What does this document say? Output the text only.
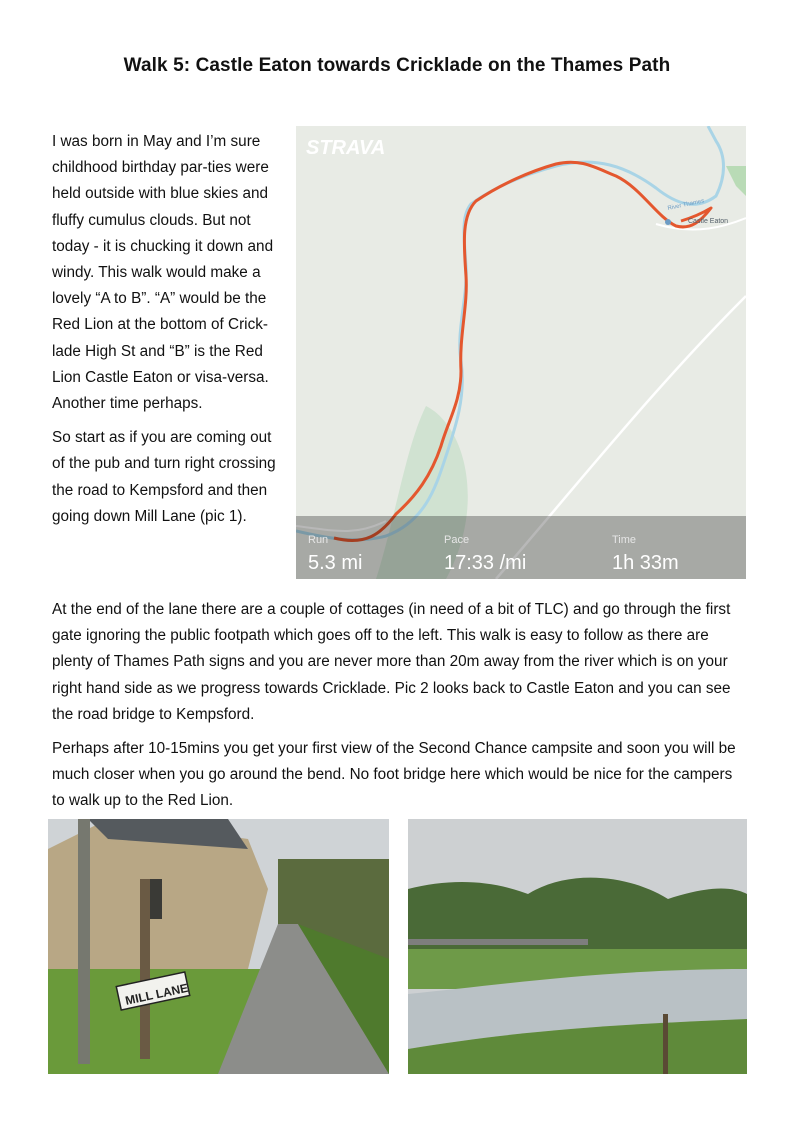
Walk 5: Castle Eaton towards Cricklade on the Thames Path

I was born in May and I’m sure childhood birthday par-ties were held outside with blue skies and fluffy cumulus clouds. But not today - it is chucking it down and windy. This walk would make a lovely “A to B”. “A” would be the Red Lion at the bottom of Crick-lade High St and “B” is the Red Lion Castle Eaton or visa-versa. Another time perhaps.

So start as if you are coming out of the pub and turn right crossing the road to Kempsford and then going down Mill Lane (pic 1).

STRAVA
Castle Eaton
River Thames
Run
5.3 mi
Pace
17:33 /mi
Time
1h 33m

At the end of the lane there are a couple of cottages (in need of a bit of TLC) and go through the first gate ignoring the public footpath which goes off to the left. This walk is easy to follow as there are plenty of Thames Path signs and you are never more than 20m away from the river which is on your right hand side as we progress towards Cricklade. Pic 2 looks back to Castle Eaton and you can see the road bridge to Kempsford.

Perhaps after 10-15mins you get your first view of the Second Chance campsite and soon you will be much closer when you go around the bend. No foot bridge here which would be nice for the campers to walk up to the Red Lion.

MILL LANE
